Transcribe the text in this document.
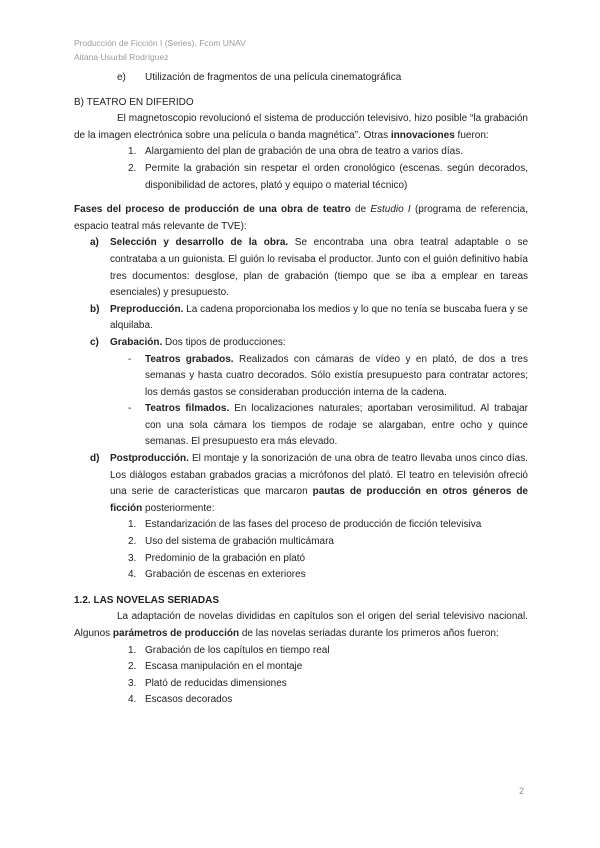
Producción de Ficción I (Series), Fcom UNAV
Aitana Usurbil Rodríguez
e) Utilización de fragmentos de una película cinematográfica

B) TEATRO EN DIFERIDO

El magnetoscopio revolucionó el sistema de producción televisivo, hizo posible “la grabación de la imagen electrónica sobre una película o banda magnética”. Otras innovaciones fueron:

1. Alargamiento del plan de grabación de una obra de teatro a varios días.
2. Permite la grabación sin respetar el orden cronológico (escenas. según decorados, disponibilidad de actores, plató y equipo o material técnico)

Fases del proceso de producción de una obra de teatro de Estudio I (programa de referencia, espacio teatral más relevante de TVE):

a) Selección y desarrollo de la obra. Se encontraba una obra teatral adaptable o se contrataba a un guionista. El guión lo revisaba el productor. Junto con el guión definitivo había tres documentos: desglose, plan de grabación (tiempo que se iba a emplear en tareas esenciales) y presupuesto.
b) Preproducción. La cadena proporcionaba los medios y lo que no tenía se buscaba fuera y se alquilaba.
c) Grabación. Dos tipos de producciones:
- Teatros grabados. Realizados con cámaras de vídeo y en plató, de dos a tres semanas y hasta cuatro decorados. Sólo existía presupuesto para contratar actores; los demás gastos se consideraban producción interna de la cadena.
- Teatros filmados. En localizaciones naturales; aportaban verosimilitud. Al trabajar con una sola cámara los tiempos de rodaje se alargaban, entre ocho y quince semanas. El presupuesto era más elevado.
d) Postproducción. El montaje y la sonorización de una obra de teatro llevaba unos cinco días. Los diálogos estaban grabados gracias a micrófonos del plató. El teatro en televisión ofreció una serie de características que marcaron pautas de producción en otros géneros de ficción posteriormente:
1. Estandarización de las fases del proceso de producción de ficción televisiva
2. Uso del sistema de grabación multicámara
3. Predominio de la grabación en plató
4. Grabación de escenas en exteriores

1.2. LAS NOVELAS SERIADAS

La adaptación de novelas divididas en capítulos son el origen del serial televisivo nacional. Algunos parámetros de producción de las novelas seriadas durante los primeros años fueron:

1. Grabación de los capítulos en tiempo real
2. Escasa manipulación en el montaje
3. Plató de reducidas dimensiones
4. Escasos decorados
2
